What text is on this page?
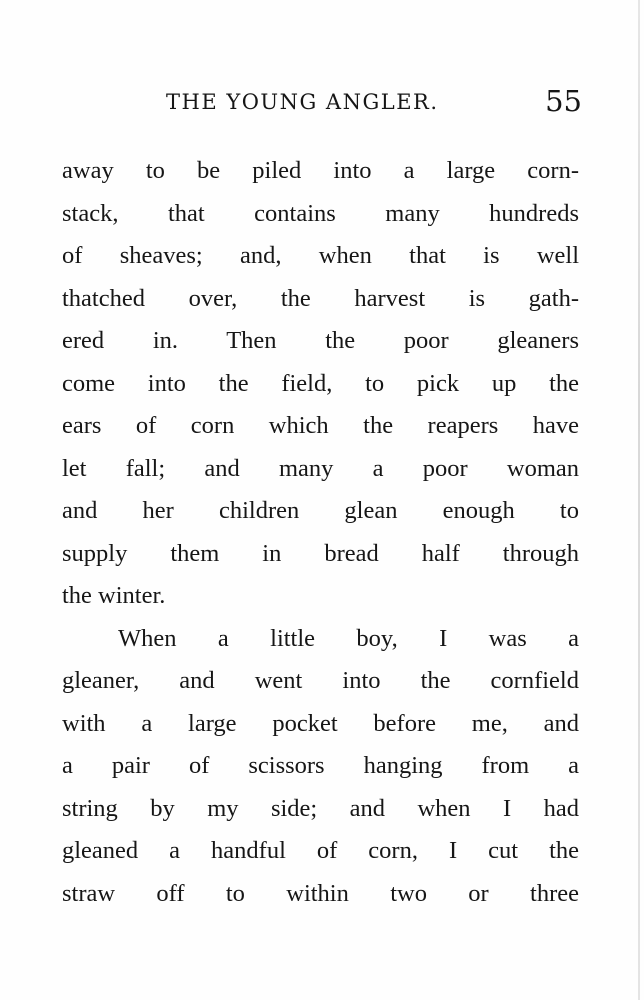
THE YOUNG ANGLER.	55
away to be piled into a large corn-
stack, that contains many hundreds
of sheaves; and, when that is well
thatched over, the harvest is gath-
ered in. Then the poor gleaners
come into the field, to pick up the
ears of corn which the reapers have
let fall; and many a poor woman
and her children glean enough to
supply them in bread half through
the winter.
When a little boy, I was a
gleaner, and went into the cornfield
with a large pocket before me, and
a pair of scissors hanging from a
string by my side; and when I had
gleaned a handful of corn, I cut the
straw off to within two or three
